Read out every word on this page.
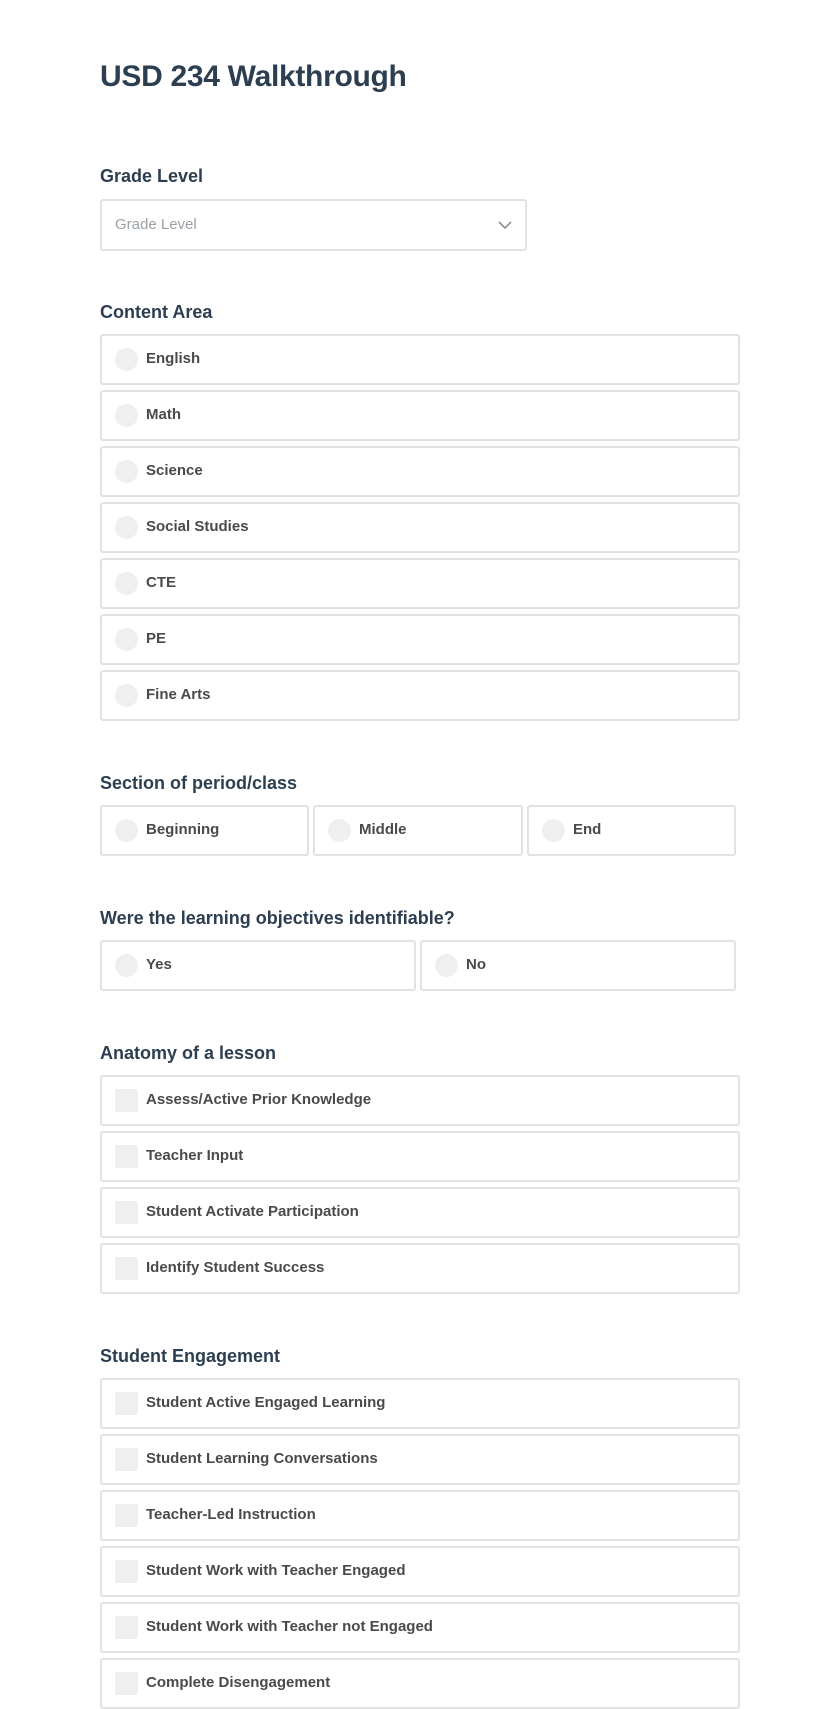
USD 234 Walkthrough
Grade Level
Grade Level
Content Area
English
Math
Science
Social Studies
CTE
PE
Fine Arts
Section of period/class
Beginning	Middle	End
Were the learning objectives identifiable?
Yes	No
Anatomy of a lesson
Assess/Active Prior Knowledge
Teacher Input
Student Activate Participation
Identify Student Success
Student Engagement
Student Active Engaged Learning
Student Learning Conversations
Teacher-Led Instruction
Student Work with Teacher Engaged
Student Work with Teacher not Engaged
Complete Disengagement
